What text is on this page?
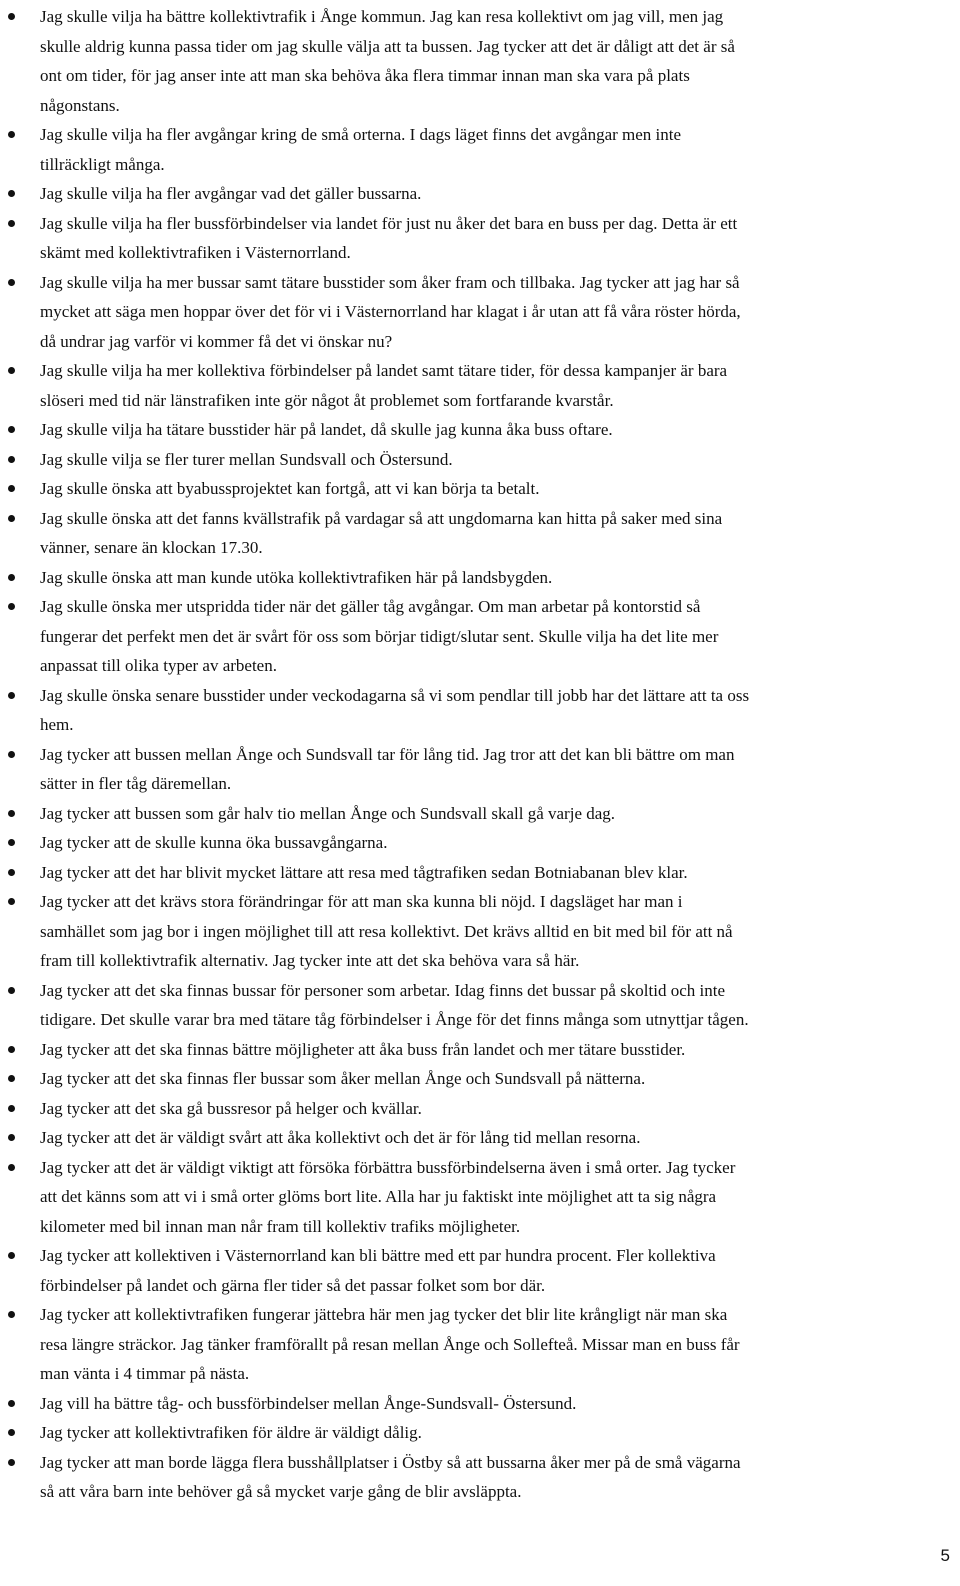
Jag skulle vilja ha bättre kollektivtrafik i Ånge kommun. Jag kan resa kollektivt om jag vill, men jag
skulle aldrig kunna passa tider om jag skulle välja att ta bussen. Jag tycker att det är dåligt att det är så
ont om tider, för jag anser inte att man ska behöva åka flera timmar innan man ska vara på plats
någonstans.
Jag skulle vilja ha fler avgångar kring de små orterna. I dags läget finns det avgångar men inte
tillräckligt många.
Jag skulle vilja ha fler avgångar vad det gäller bussarna.
Jag skulle vilja ha fler bussförbindelser via landet för just nu åker det bara en buss per dag. Detta är ett
skämt med kollektivtrafiken i Västernorrland.
Jag skulle vilja ha mer bussar samt tätare busstider som åker fram och tillbaka. Jag tycker att jag har så
mycket att säga men hoppar över det för vi i Västernorrland har klagat i år utan att få våra röster hörda,
då undrar jag varför vi kommer få det vi önskar nu?
Jag skulle vilja ha mer kollektiva förbindelser på landet samt tätare tider, för dessa kampanjer är bara
slöseri med tid när länstrafiken inte gör något åt problemet som fortfarande kvarstår.
Jag skulle vilja ha tätare busstider här på landet, då skulle jag kunna åka buss oftare.
Jag skulle vilja se fler turer mellan Sundsvall och Östersund.
Jag skulle önska att byabussprojektet kan fortgå, att vi kan börja ta betalt.
Jag skulle önska att det fanns kvällstrafik på vardagar så att ungdomarna kan hitta på saker med sina
vänner, senare än klockan 17.30.
Jag skulle önska att man kunde utöka kollektivtrafiken här på landsbygden.
Jag skulle önska mer utspridda tider när det gäller tåg avgångar. Om man arbetar på kontorstid så
fungerar det perfekt men det är svårt för oss som börjar tidigt/slutar sent. Skulle vilja ha det lite mer
anpassat till olika typer av arbeten.
Jag skulle önska senare busstider under veckodagarna så vi som pendlar till jobb har det lättare att ta oss
hem.
Jag tycker att bussen mellan Ånge och Sundsvall tar för lång tid. Jag tror att det kan bli bättre om man
sätter in fler tåg däremellan.
Jag tycker att bussen som går halv tio mellan Ånge och Sundsvall skall gå varje dag.
Jag tycker att de skulle kunna öka bussavgångarna.
Jag tycker att det har blivit mycket lättare att resa med tågtrafiken sedan Botniabanan blev klar.
Jag tycker att det krävs stora förändringar för att man ska kunna bli nöjd. I dagsläget har man i
samhället som jag bor i ingen möjlighet till att resa kollektivt. Det krävs alltid en bit med bil för att nå
fram till kollektivtrafik alternativ. Jag tycker inte att det ska behöva vara så här.
Jag tycker att det ska finnas bussar för personer som arbetar. Idag finns det bussar på skoltid och inte
tidigare. Det skulle varar bra med tätare tåg förbindelser i Ånge för det finns många som utnyttjar tågen.
Jag tycker att det ska finnas bättre möjligheter att åka buss från landet och mer tätare busstider.
Jag tycker att det ska finnas fler bussar som åker mellan Ånge och Sundsvall på nätterna.
Jag tycker att det ska gå bussresor på helger och kvällar.
Jag tycker att det är väldigt svårt att åka kollektivt och det är för lång tid mellan resorna.
Jag tycker att det är väldigt viktigt att försöka förbättra bussförbindelserna även i små orter. Jag tycker
att det känns som att vi i små orter glöms bort lite. Alla har ju faktiskt inte möjlighet att ta sig några
kilometer med bil innan man når fram till kollektiv trafiks möjligheter.
Jag tycker att kollektiven i Västernorrland kan bli bättre med ett par hundra procent. Fler kollektiva
förbindelser på landet och gärna fler tider så det passar folket som bor där.
Jag tycker att kollektivtrafiken fungerar jättebra här men jag tycker det blir lite krångligt när man ska
resa längre sträckor. Jag tänker framförallt på resan mellan Ånge och Sollefteå. Missar man en buss får
man vänta i 4 timmar på nästa.
Jag vill ha bättre tåg- och bussförbindelser mellan Ånge-Sundsvall- Östersund.
Jag tycker att kollektivtrafiken för äldre är väldigt dålig.
Jag tycker att man borde lägga flera busshållplatser i Östby så att bussarna åker mer på de små vägarna
så att våra barn inte behöver gå så mycket varje gång de blir avsläppta.
5
